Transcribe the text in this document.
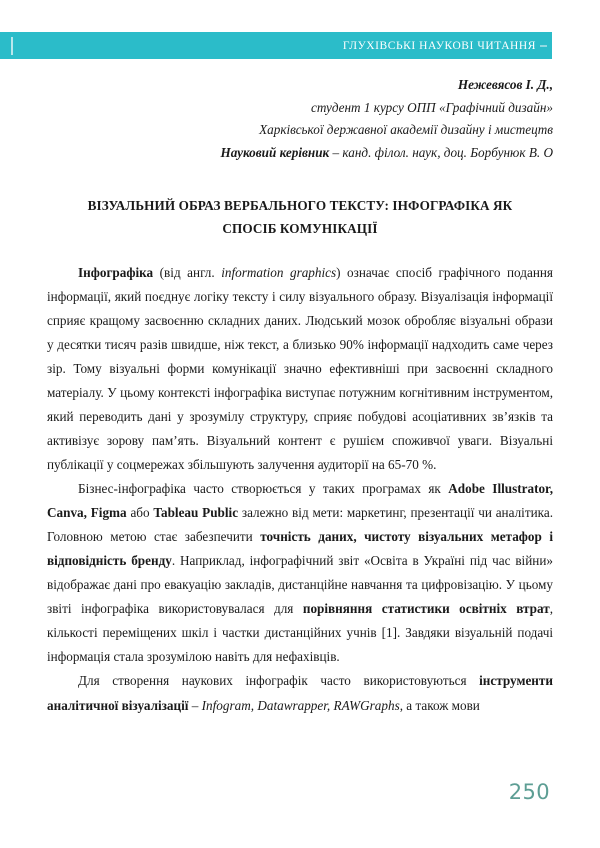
ГЛУХІВСЬКІ НАУКОВІ ЧИТАННЯ
Нежевясов І. Д.,
студент 1 курсу ОПП «Графічний дизайн»
Харківської державної академії дизайну і мистецтв
Науковий керівник – канд. філол. наук, доц. Борбунюк В. О
ВІЗУАЛЬНИЙ ОБРАЗ ВЕРБАЛЬНОГО ТЕКСТУ: ІНФОГРАФІКА ЯК
СПОСІБ КОМУНІКАЦІЇ

Інфографіка (від англ. information graphics) означає спосіб графічного подання інформації, який поєднує логіку тексту і силу візуального образу. Візуалізація інформації сприяє кращому засвоєнню складних даних. Людський мозок обробляє візуальні образи у десятки тисяч разів швидше, ніж текст, а близько 90% інформації надходить саме через зір. Тому візуальні форми комунікації значно ефективніші при засвоєнні складного матеріалу. У цьому контексті інфографіка виступає потужним когнітивним інструментом, який переводить дані у зрозумілу структуру, сприяє побудові асоціативних зв’язків та активізує зорову пам’ять. Візуальний контент є рушієм споживчої уваги. Візуальні публікації у соцмережах збільшують залучення аудиторії на 65-70 %.

Бізнес-інфографіка часто створюється у таких програмах як Adobe Illustrator, Canva, Figma або Tableau Public залежно від мети: маркетинг, презентації чи аналітика. Головною метою стає забезпечити точність даних, чистоту візуальних метафор і відповідність бренду. Наприклад, інфографічний звіт «Освіта в Україні під час війни» відображає дані про евакуацію закладів, дистанційне навчання та цифровізацію. У цьому звіті інфографіка використовувалася для порівняння статистики освітніх втрат, кількості переміщених шкіл і частки дистанційних учнів [1]. Завдяки візуальній подачі інформація стала зрозумілою навіть для нефахівців.

Для створення наукових інфографік часто використовуються інструменти аналітичної візуалізації – Infogram, Datawrapper, RAWGraphs, а також мови

250
